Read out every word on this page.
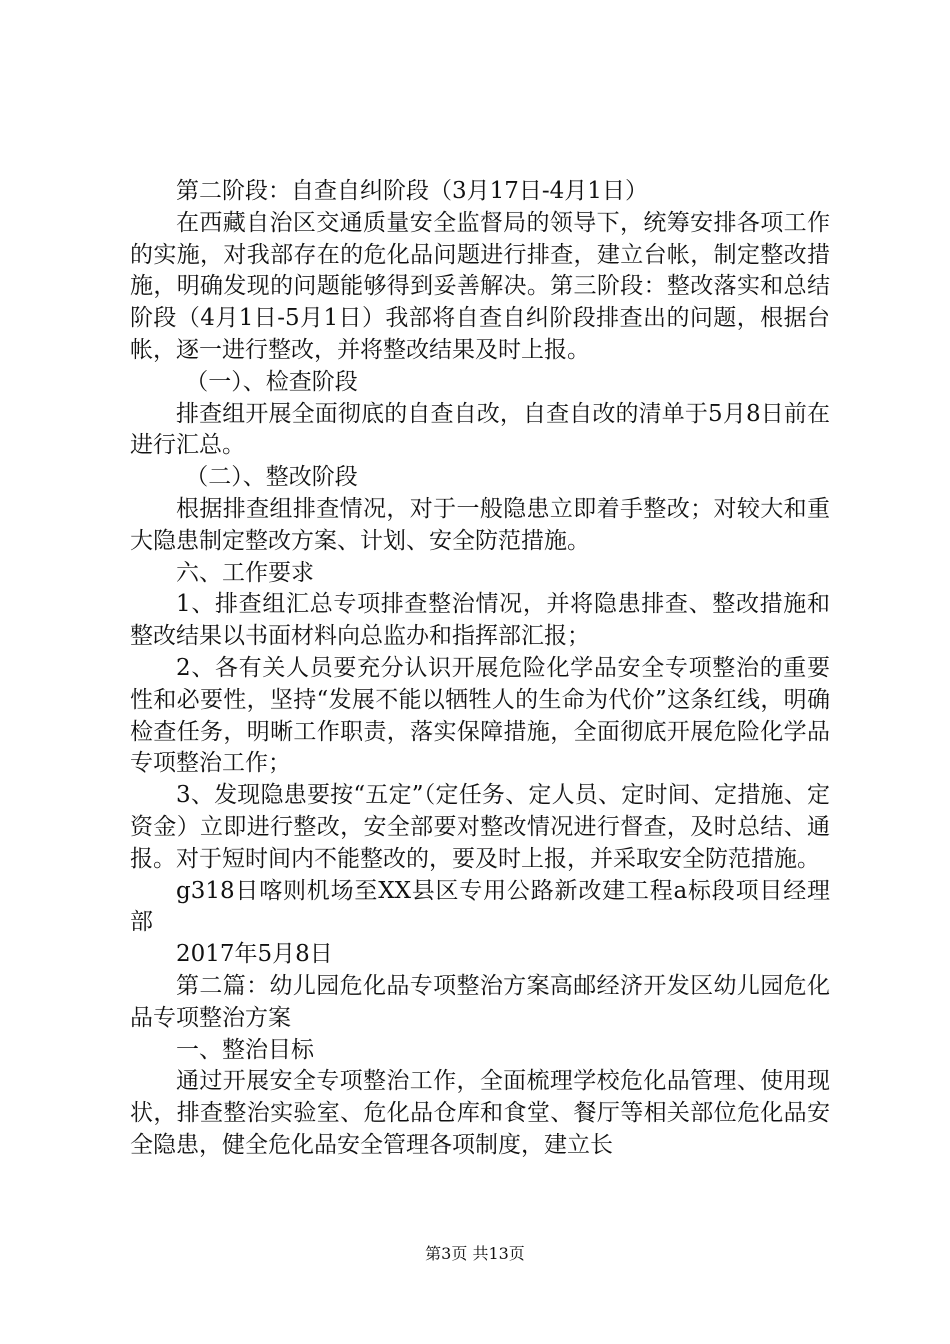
第二阶段：自查自纠阶段（3月17日-4月1日）

在西藏自治区交通质量安全监督局的领导下，统筹安排各项工作的实施，对我部存在的危化品问题进行排查，建立台帐，制定整改措施，明确发现的问题能够得到妥善解决。第三阶段：整改落实和总结阶段（4月1日-5月1日）我部将自查自纠阶段排查出的问题，根据台帐，逐一进行整改，并将整改结果及时上报。

（一）、检查阶段

排查组开展全面彻底的自查自改，自查自改的清单于5月8日前在进行汇总。

（二）、整改阶段

根据排查组排查情况，对于一般隐患立即着手整改；对较大和重大隐患制定整改方案、计划、安全防范措施。

六、工作要求

1、排查组汇总专项排查整治情况，并将隐患排查、整改措施和整改结果以书面材料向总监办和指挥部汇报；

2、各有关人员要充分认识开展危险化学品安全专项整治的重要性和必要性，坚持“发展不能以牺牲人的生命为代价”这条红线，明确检查任务，明晰工作职责，落实保障措施，全面彻底开展危险化学品专项整治工作；

3、发现隐患要按“五定”（定任务、定人员、定时间、定措施、定资金）立即进行整改，安全部要对整改情况进行督查，及时总结、通报。对于短时间内不能整改的，要及时上报，并采取安全防范措施。

g318日喀则机场至XX县区专用公路新改建工程a标段项目经理部

2017年5月8日

第二篇：幼儿园危化品专项整治方案高邮经济开发区幼儿园危化品专项整治方案

一、整治目标

通过开展安全专项整治工作，全面梳理学校危化品管理、使用现状，排查整治实验室、危化品仓库和食堂、餐厅等相关部位危化品安全隐患，健全危化品安全管理各项制度，建立长

第3页 共13页
